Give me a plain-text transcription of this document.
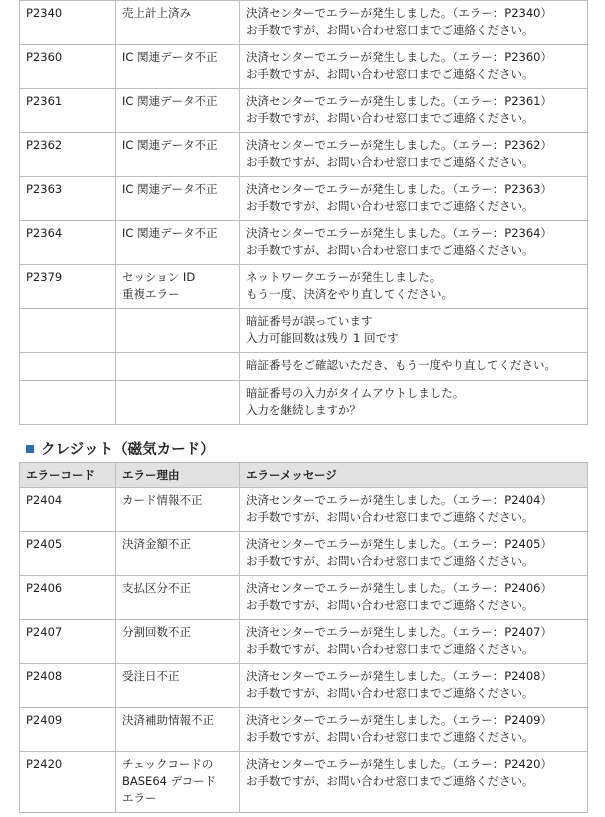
P2340	売上計上済み	決済センターでエラーが発生しました。（エラー：P2340）
お手数ですが、お問い合わせ窓口までご連絡ください。

P2360	IC 関連データ不正	決済センターでエラーが発生しました。（エラー：P2360）
お手数ですが、お問い合わせ窓口までご連絡ください。

P2361	IC 関連データ不正	決済センターでエラーが発生しました。（エラー：P2361）
お手数ですが、お問い合わせ窓口までご連絡ください。

P2362	IC 関連データ不正	決済センターでエラーが発生しました。（エラー：P2362）
お手数ですが、お問い合わせ窓口までご連絡ください。

P2363	IC 関連データ不正	決済センターでエラーが発生しました。（エラー：P2363）
お手数ですが、お問い合わせ窓口までご連絡ください。

P2364	IC 関連データ不正	決済センターでエラーが発生しました。（エラー：P2364）
お手数ですが、お問い合わせ窓口までご連絡ください。

P2379	セッション ID
重複エラー	ネットワークエラーが発生しました。
もう一度、決済をやり直してください。

		暗証番号が誤っています
入力可能回数は残り 1 回です

		暗証番号をご確認いただき、もう一度やり直してください。

		暗証番号の入力がタイムアウトしました。
入力を継続しますか？
クレジット（磁気カード）
エラーコード	エラー理由	エラーメッセージ
P2404	カード情報不正	決済センターでエラーが発生しました。（エラー：P2404）
お手数ですが、お問い合わせ窓口までご連絡ください。

P2405	決済金額不正	決済センターでエラーが発生しました。（エラー：P2405）
お手数ですが、お問い合わせ窓口までご連絡ください。

P2406	支払区分不正	決済センターでエラーが発生しました。（エラー：P2406）
お手数ですが、お問い合わせ窓口までご連絡ください。

P2407	分割回数不正	決済センターでエラーが発生しました。（エラー：P2407）
お手数ですが、お問い合わせ窓口までご連絡ください。

P2408	受注日不正	決済センターでエラーが発生しました。（エラー：P2408）
お手数ですが、お問い合わせ窓口までご連絡ください。

P2409	決済補助情報不正	決済センターでエラーが発生しました。（エラー：P2409）
お手数ですが、お問い合わせ窓口までご連絡ください。

P2420	チェックコードの
BASE64 デコード
エラー	決済センターでエラーが発生しました。（エラー：P2420）
お手数ですが、お問い合わせ窓口までご連絡ください。
